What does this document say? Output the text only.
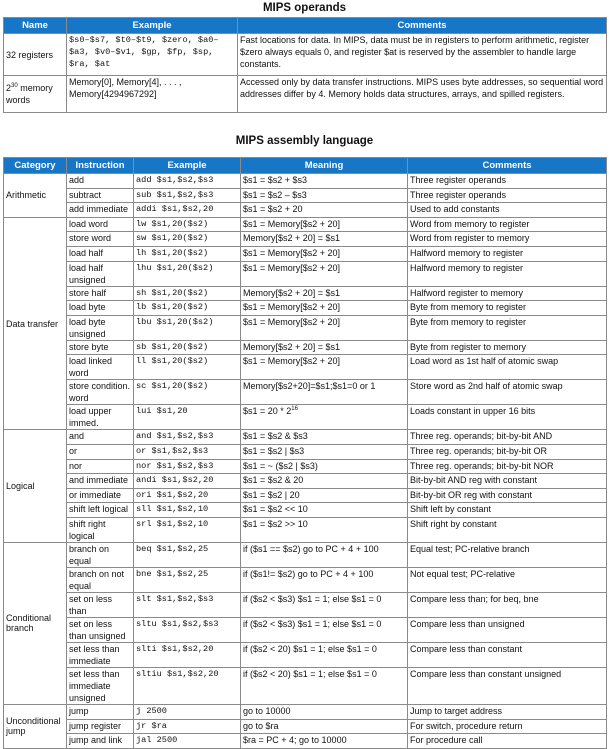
MIPS operands
Name	Example	Comments
32 registers	$s0–$s7, $t0–$t9, $zero, $a0–$a3, $v0–$v1, $gp, $fp, $sp, $ra, $at	Fast locations for data. In MIPS, data must be in registers to perform arithmetic, register $zero always equals 0, and register $at is reserved by the assembler to handle large constants.
$2^{30}$ memory words	Memory[0], Memory[4], . . . , Memory[4294967292]	Accessed only by data transfer instructions. MIPS uses byte addresses, so sequential word addresses differ by 4. Memory holds data structures, arrays, and spilled registers.
MIPS assembly language
Category	Instruction	Example	Meaning	Comments
Arithmetic	add	add $s1,$s2,$s3	$s1 = $s2 + $s3	Three register operands
	subtract	sub $s1,$s2,$s3	$s1 = $s2 – $s3	Three register operands
	add immediate	addi $s1,$s2,20	$s1 = $s2 + 20	Used to add constants
Data transfer	load word	lw $s1,20($s2)	$s1 = Memory[$s2 + 20]	Word from memory to register
	store word	sw $s1,20($s2)	Memory[$s2 + 20] = $s1	Word from register to memory
	load half	lh $s1,20($s2)	$s1 = Memory[$s2 + 20]	Halfword memory to register
	load half unsigned	lhu $s1,20($s2)	$s1 = Memory[$s2 + 20]	Halfword memory to register
	store half	sh $s1,20($s2)	Memory[$s2 + 20] = $s1	Halfword register to memory
	load byte	lb $s1,20($s2)	$s1 = Memory[$s2 + 20]	Byte from memory to register
	load byte unsigned	lbu $s1,20($s2)	$s1 = Memory[$s2 + 20]	Byte from memory to register
	store byte	sb $s1,20($s2)	Memory[$s2 + 20] = $s1	Byte from register to memory
	load linked word	ll $s1,20($s2)	$s1 = Memory[$s2 + 20]	Load word as 1st half of atomic swap
	store condition. word	sc $s1,20($s2)	Memory[$s2+20]=$s1;$s1=0 or 1	Store word as 2nd half of atomic swap
	load upper immed.	lui $s1,20	$s1 = $20 * 2^{16}$	Loads constant in upper 16 bits
Logical	and	and $s1,$s2,$s3	$s1 = $s2 & $s3	Three reg. operands; bit-by-bit AND
	or	or $s1,$s2,$s3	$s1 = $s2 | $s3	Three reg. operands; bit-by-bit OR
	nor	nor $s1,$s2,$s3	$s1 = ~ ($s2 | $s3)	Three reg. operands; bit-by-bit NOR
	and immediate	andi $s1,$s2,20	$s1 = $s2 & 20	Bit-by-bit AND reg with constant
	or immediate	ori $s1,$s2,20	$s1 = $s2 | 20	Bit-by-bit OR reg with constant
	shift left logical	sll $s1,$s2,10	$s1 = $s2 << 10	Shift left by constant
	shift right logical	srl $s1,$s2,10	$s1 = $s2 >> 10	Shift right by constant
Conditional branch	branch on equal	beq $s1,$s2,25	if ($s1 == $s2) go to PC + 4 + 100	Equal test; PC-relative branch
	branch on not equal	bne $s1,$s2,25	if ($s1!= $s2) go to PC + 4 + 100	Not equal test; PC-relative
	set on less than	slt $s1,$s2,$s3	if ($s2 < $s3) $s1 = 1; else $s1 = 0	Compare less than; for beq, bne
	set on less than unsigned	sltu $s1,$s2,$s3	if ($s2 < $s3) $s1 = 1; else $s1 = 0	Compare less than unsigned
	set less than immediate	slti $s1,$s2,20	if ($s2 < 20) $s1 = 1; else $s1 = 0	Compare less than constant
	set less than immediate unsigned	sltiu $s1,$s2,20	if ($s2 < 20) $s1 = 1; else $s1 = 0	Compare less than constant unsigned
Unconditional jump	jump	j 2500	go to 10000	Jump to target address
	jump register	jr $ra	go to $ra	For switch, procedure return
	jump and link	jal 2500	$ra = PC + 4; go to 10000	For procedure call
